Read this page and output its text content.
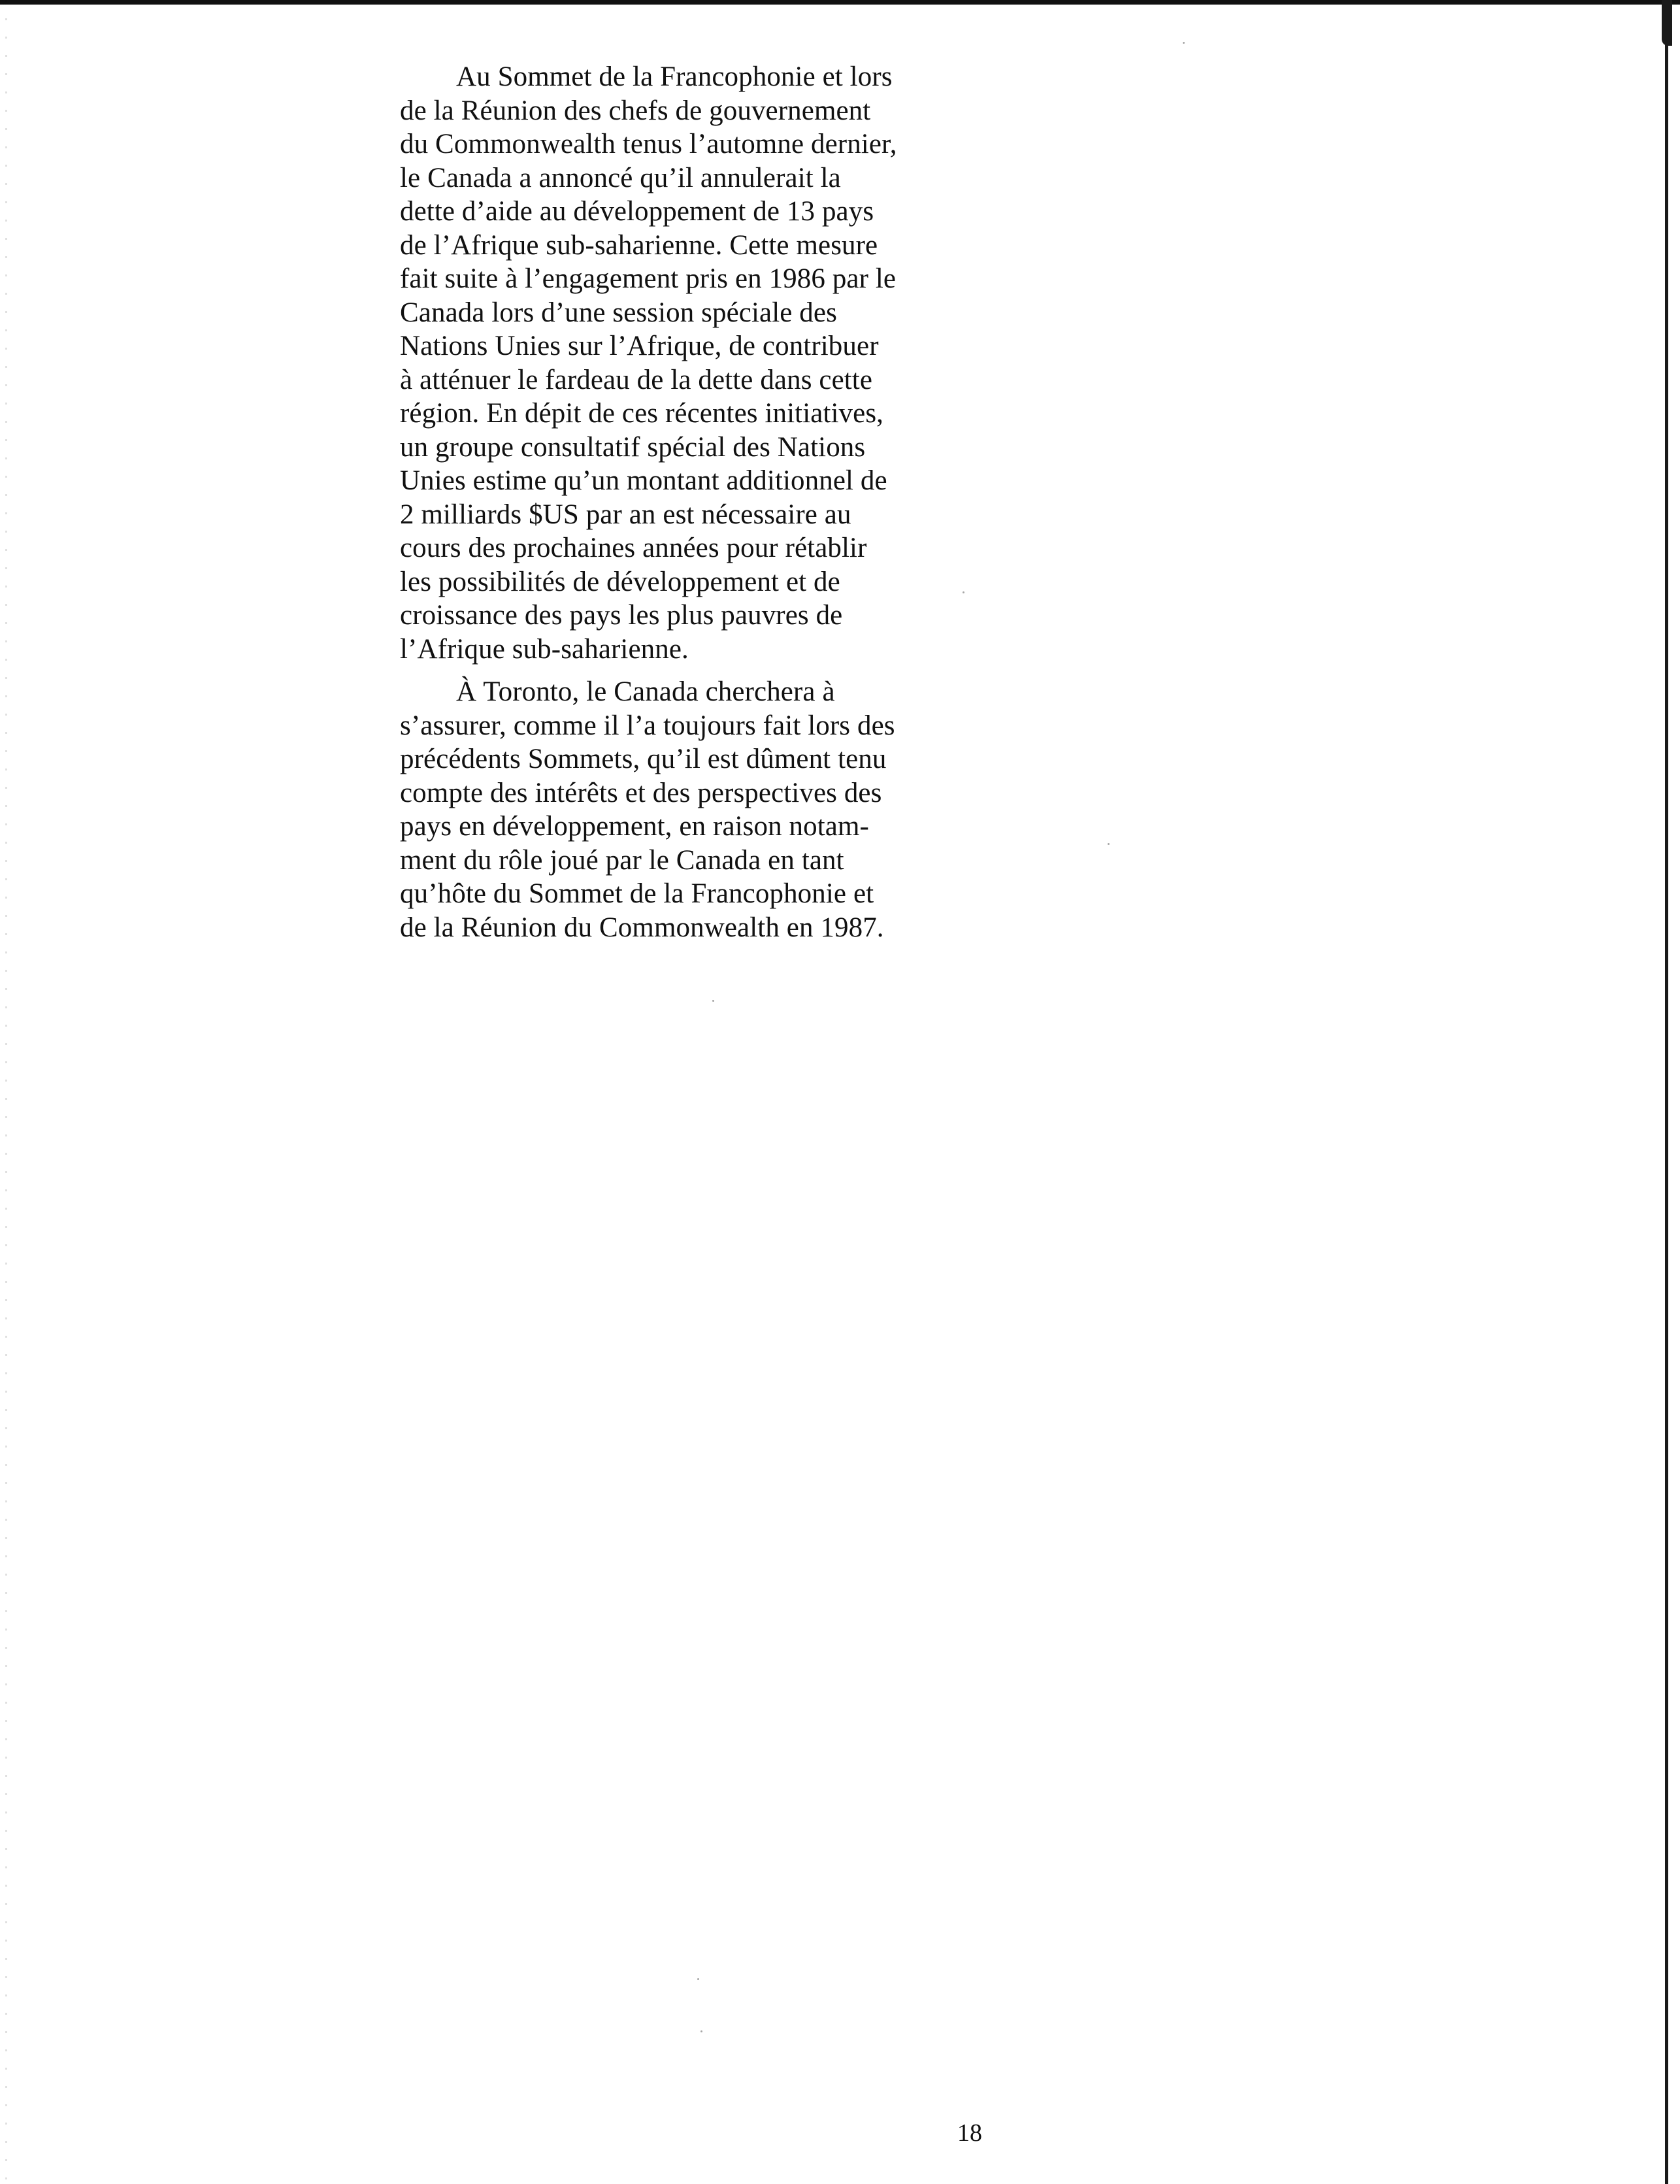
Au Sommet de la Francophonie et lors
de la Réunion des chefs de gouvernement
du Commonwealth tenus l’automne dernier,
le Canada a annoncé qu’il annulerait la
dette d’aide au développement de 13 pays
de l’Afrique sub-saharienne. Cette mesure
fait suite à l’engagement pris en 1986 par le
Canada lors d’une session spéciale des
Nations Unies sur l’Afrique, de contribuer
à atténuer le fardeau de la dette dans cette
région. En dépit de ces récentes initiatives,
un groupe consultatif spécial des Nations
Unies estime qu’un montant additionnel de
2 milliards $US par an est nécessaire au
cours des prochaines années pour rétablir
les possibilités de développement et de
croissance des pays les plus pauvres de
l’Afrique sub-saharienne.

À Toronto, le Canada cherchera à
s’assurer, comme il l’a toujours fait lors des
précédents Sommets, qu’il est dûment tenu
compte des intérêts et des perspectives des
pays en développement, en raison notam-
ment du rôle joué par le Canada en tant
qu’hôte du Sommet de la Francophonie et
de la Réunion du Commonwealth en 1987.

18
